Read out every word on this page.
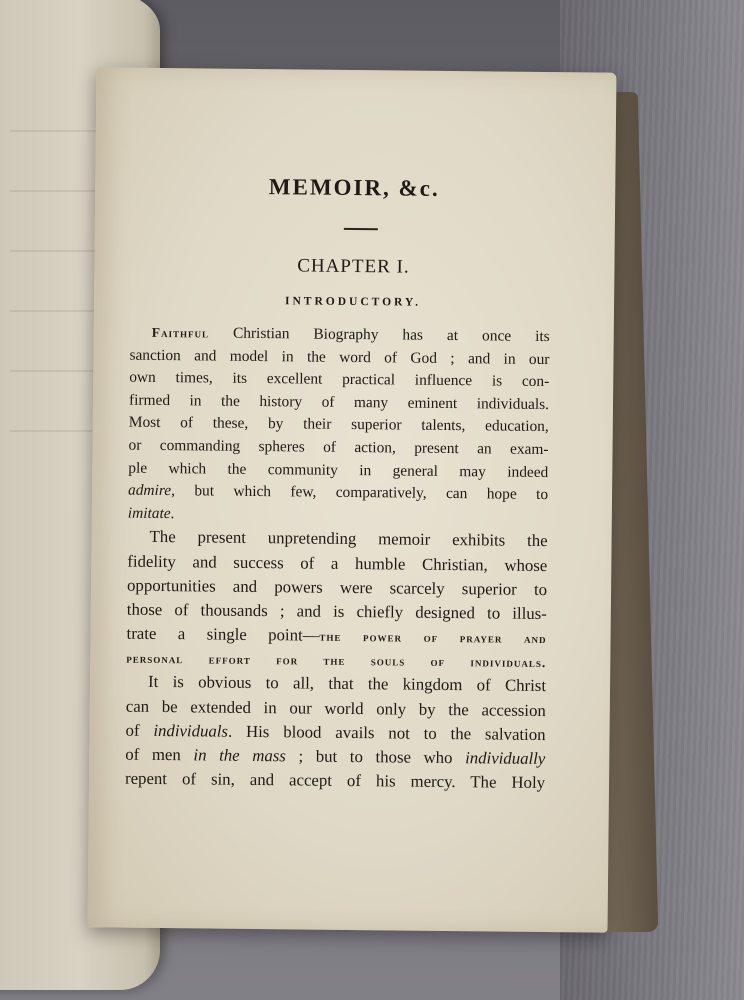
MEMOIR, &c.
CHAPTER I.
INTRODUCTORY.
Faithful Christian Biography has at once its
sanction and model in the word of God ; and in our
own times, its excellent practical influence is con-
firmed in the history of many eminent individuals.
Most of these, by their superior talents, education,
or commanding spheres of action, present an exam-
ple which the community in general may indeed
admire, but which few, comparatively, can hope to
imitate.
The present unpretending memoir exhibits the
fidelity and success of a humble Christian, whose
opportunities and powers were scarcely superior to
those of thousands ; and is chiefly designed to illus-
trate a single point—the power of prayer and
personal effort for the souls of individuals.
It is obvious to all, that the kingdom of Christ
can be extended in our world only by the accession
of individuals. His blood avails not to the salvation
of men in the mass ; but to those who individually
repent of sin, and accept of his mercy. The Holy
